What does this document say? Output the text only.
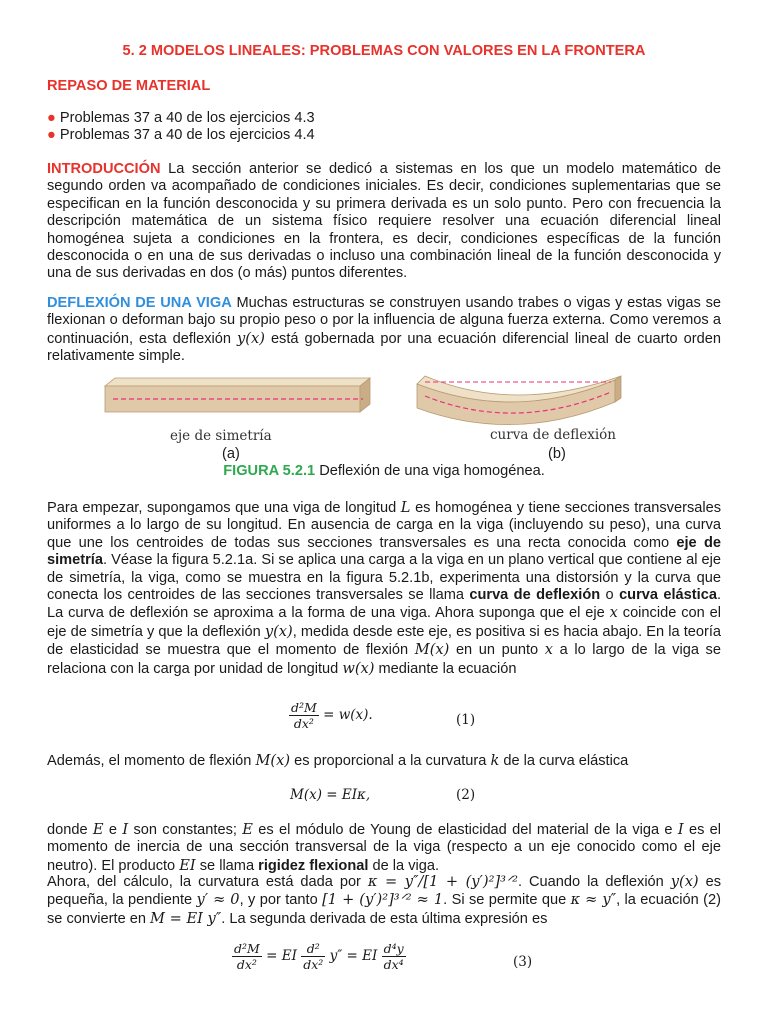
5. 2 MODELOS LINEALES: PROBLEMAS CON VALORES EN LA FRONTERA
REPASO DE MATERIAL
● Problemas 37 a 40 de los ejercicios 4.3
● Problemas 37 a 40 de los ejercicios 4.4
INTRODUCCIÓN La sección anterior se dedicó a sistemas en los que un modelo matemático de segundo orden va acompañado de condiciones iniciales. Es decir, condiciones suplementarias que se especifican en la función desconocida y su primera derivada es un solo punto. Pero con frecuencia la descripción matemática de un sistema físico requiere resolver una ecuación diferencial lineal homogénea sujeta a condiciones en la frontera, es decir, condiciones específicas de la función desconocida o en una de sus derivadas o incluso una combinación lineal de la función desconocida y una de sus derivadas en dos (o más) puntos diferentes.
DEFLEXIÓN DE UNA VIGA Muchas estructuras se construyen usando trabes o vigas y estas vigas se flexionan o deforman bajo su propio peso o por la influencia de alguna fuerza externa. Como veremos a continuación, esta deflexión y(x) está gobernada por una ecuación diferencial lineal de cuarto orden relativamente simple.
eje de simetría	curva de deflexión
(a)	(b)
FIGURA 5.2.1 Deflexión de una viga homogénea.
Para empezar, supongamos que una viga de longitud L es homogénea y tiene secciones transversales uniformes a lo largo de su longitud. En ausencia de carga en la viga (incluyendo su peso), una curva que une los centroides de todas sus secciones transversales es una recta conocida como eje de simetría. Véase la figura 5.2.1a. Si se aplica una carga a la viga en un plano vertical que contiene al eje de simetría, la viga, como se muestra en la figura 5.2.1b, experimenta una distorsión y la curva que conecta los centroides de las secciones transversales se llama curva de deflexión o curva elástica. La curva de deflexión se aproxima a la forma de una viga. Ahora suponga que el eje x coincide con el eje de simetría y que la deflexión y(x), medida desde este eje, es positiva si es hacia abajo. En la teoría de elasticidad se muestra que el momento de flexión M(x) en un punto x a lo largo de la viga se relaciona con la carga por unidad de longitud w(x) mediante la ecuación
$\frac{\text{d²M}}{\text{dx²}} = w(x)$.	(1)
Además, el momento de flexión M(x) es proporcional a la curvatura k de la curva elástica
M(x) = EIκ,	(2)
donde E e I son constantes; E es el módulo de Young de elasticidad del material de la viga e I es el momento de inercia de una sección transversal de la viga (respecto a un eje conocido como el eje neutro). El producto EI se llama rigidez flexional de la viga.
Ahora, del cálculo, la curvatura está dada por κ = y″/[1 + (y′)²]³ᐟ². Cuando la deflexión y(x) es pequeña, la pendiente y′ ≈ 0, y por tanto [1 + (y′)²]³ᐟ² ≈ 1. Si se permite que κ ≈ y″, la ecuación (2) se convierte en M = EI y″. La segunda derivada de esta última expresión es
$\frac{\text{d²M}}{\text{dx²}}$ = EI $\frac{\text{d²}}{\text{dx²}} y''$ = EI $\frac{\text{d⁴y}}{\text{dx⁴}}$	(3)
